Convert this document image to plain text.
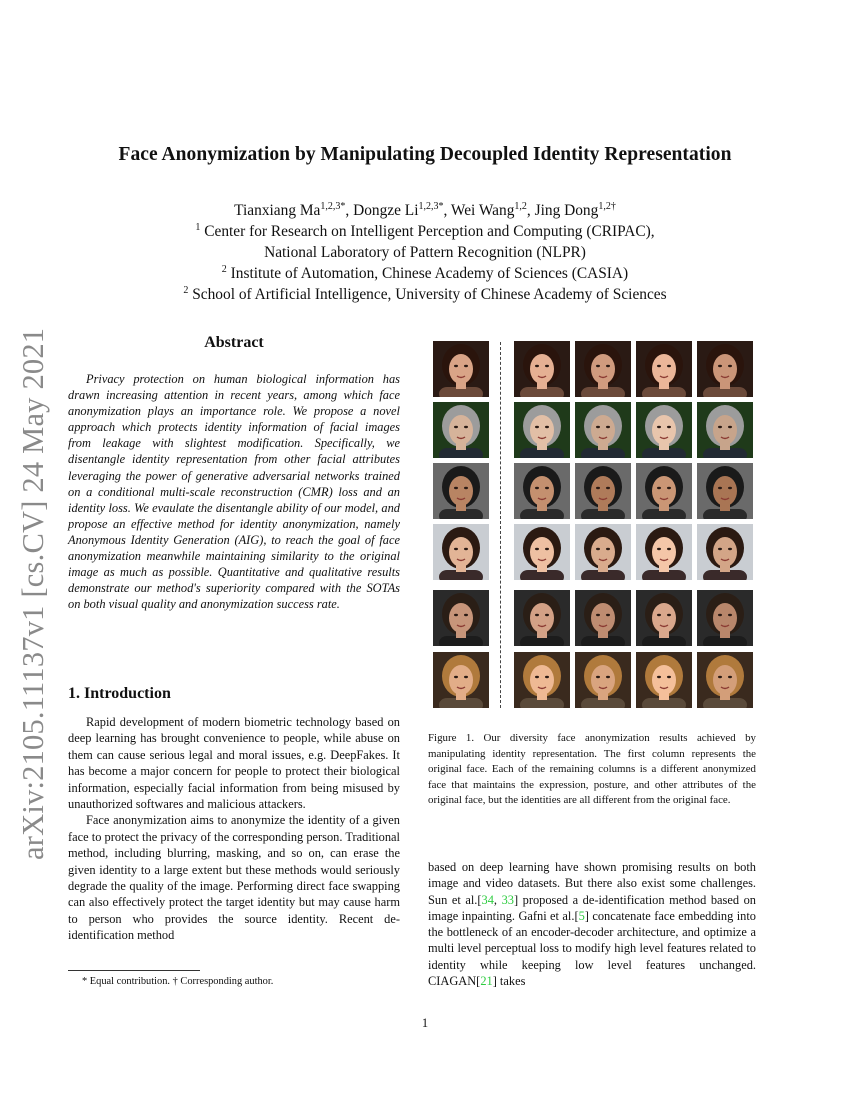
Face Anonymization by Manipulating Decoupled Identity Representation
Tianxiang $Ma^{1,2,3*}$, Dongze $Li^{1,2,3*}$, Wei Wang$^{1,2}$, Jing Dong$^{1,2\dagger}$
$^1$ Center for Research on Intelligent Perception and Computing (CRIPAC),
National Laboratory of Pattern Recognition (NLPR)
$^2$ Institute of Automation, Chinese Academy of Sciences (CASIA)
$^2$ School of Artificial Intelligence, University of Chinese Academy of Sciences
arXiv:2105.11137v1 [cs.CV] 24 May 2021	Abstract
Privacy protection on human biological information has drawn increasing attention in recent years, among which face anonymization plays an importance role. We propose a novel approach which protects identity information of facial images from leakage with slightest modification. Specifically, we disentangle identity representation from other facial attributes leveraging the power of generative adversarial networks trained on a conditional multi-scale reconstruction (CMR) loss and an identity loss. We evaulate the disentangle ability of our model, and propose an effective method for identity anonymization, namely Anonymous Identity Generation (AIG), to reach the goal of face anonymization meanwhile maintaining similarity to the original image as much as possible. Quantitative and qualitative results demonstrate our method's superiority compared with the SOTAs on both visual quality and anonymization success rate.
1. Introduction

Rapid development of modern biometric technology based on deep learning has brought convenience to people, while abuse on them can cause serious legal and moral issues, e.g. DeepFakes. It has become a major concern for people to protect their biological information, especially facial information from being misused by unauthorized softwares and malicious attackers.

Face anonymization aims to anonymize the identity of a given face to protect the privacy of the corresponding person. Traditional method, including blurring, masking, and so on, can erase the given identity to a large extent but these methods would seriously degrade the quality of the image. Performing direct face swapping can also effectively protect the target identity but may cause harm to person who provides the source identity. Recent de-identification method

* Equal contribution. † Corresponding author.
Figure 1. Our diversity face anonymization results achieved by manipulating identity representation. The first column represents the original face. Each of the remaining columns is a different anonymized face that maintains the expression, posture, and other attributes of the original face, but the identities are all different from the original face.
based on deep learning have shown promising results on both image and video datasets. But there also exist some challenges. Sun et al.[34, 33] proposed a de-identification method based on image inpainting. Gafni et al.[5] concatenate face embedding into the bottleneck of an encoder-decoder architecture, and optimize a multi level perceptual loss to modify high level features related to identity while keeping low level features unchanged. CIAGAN[21] takes
1
